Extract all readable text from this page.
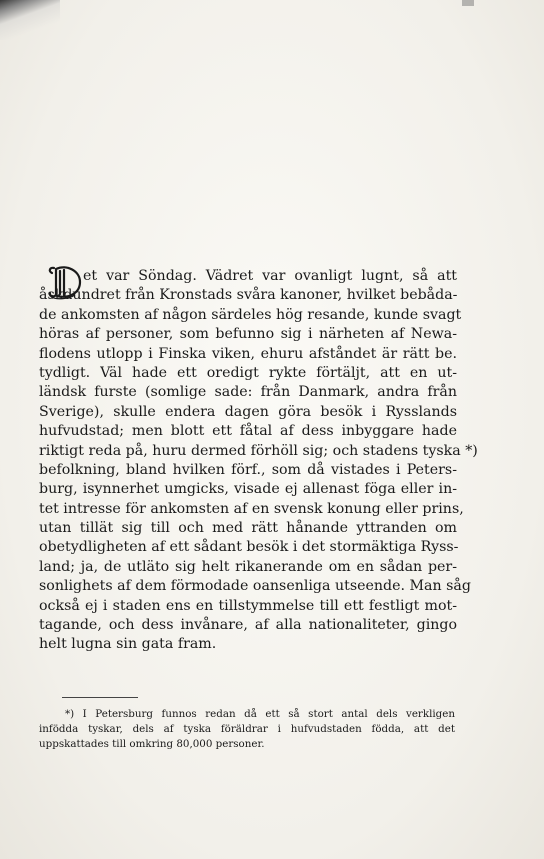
et var Söndag. Vädret var ovanligt lugnt, så att
åskdundret från Kronstads svåra kanoner, hvilket bebåda-
de ankomsten af någon särdeles hög resande, kunde svagt
höras af personer, som befunno sig i närheten af Newa-
flodens utlopp i Finska viken, ehuru afståndet är rätt be.
tydligt. Väl hade ett oredigt rykte förtäljt, att en ut-
ländsk furste (somlige sade: från Danmark, andra från
Sverige), skulle endera dagen göra besök i Rysslands
hufvudstad; men blott ett fåtal af dess inbyggare hade
riktigt reda på, huru dermed förhöll sig; och stadens tyska *)
befolkning, bland hvilken förf., som då vistades i Peters-
burg, isynnerhet umgicks, visade ej allenast föga eller in-
tet intresse för ankomsten af en svensk konung eller prins,
utan tillät sig till och med rätt hånande yttranden om
obetydligheten af ett sådant besök i det stormäktiga Ryss-
land; ja, de utläto sig helt rikanerande om en sådan per-
sonlighets af dem förmodade oansenliga utseende. Man såg
också ej i staden ens en tillstymmelse till ett festligt mot-
tagande, och dess invånare, af alla nationaliteter, gingo
helt lugna sin gata fram.
*) I Petersburg funnos redan då ett så stort antal dels verkligen
infödda tyskar, dels af tyska föräldrar i hufvudstaden födda, att det
uppskattades till omkring 80,000 personer.
